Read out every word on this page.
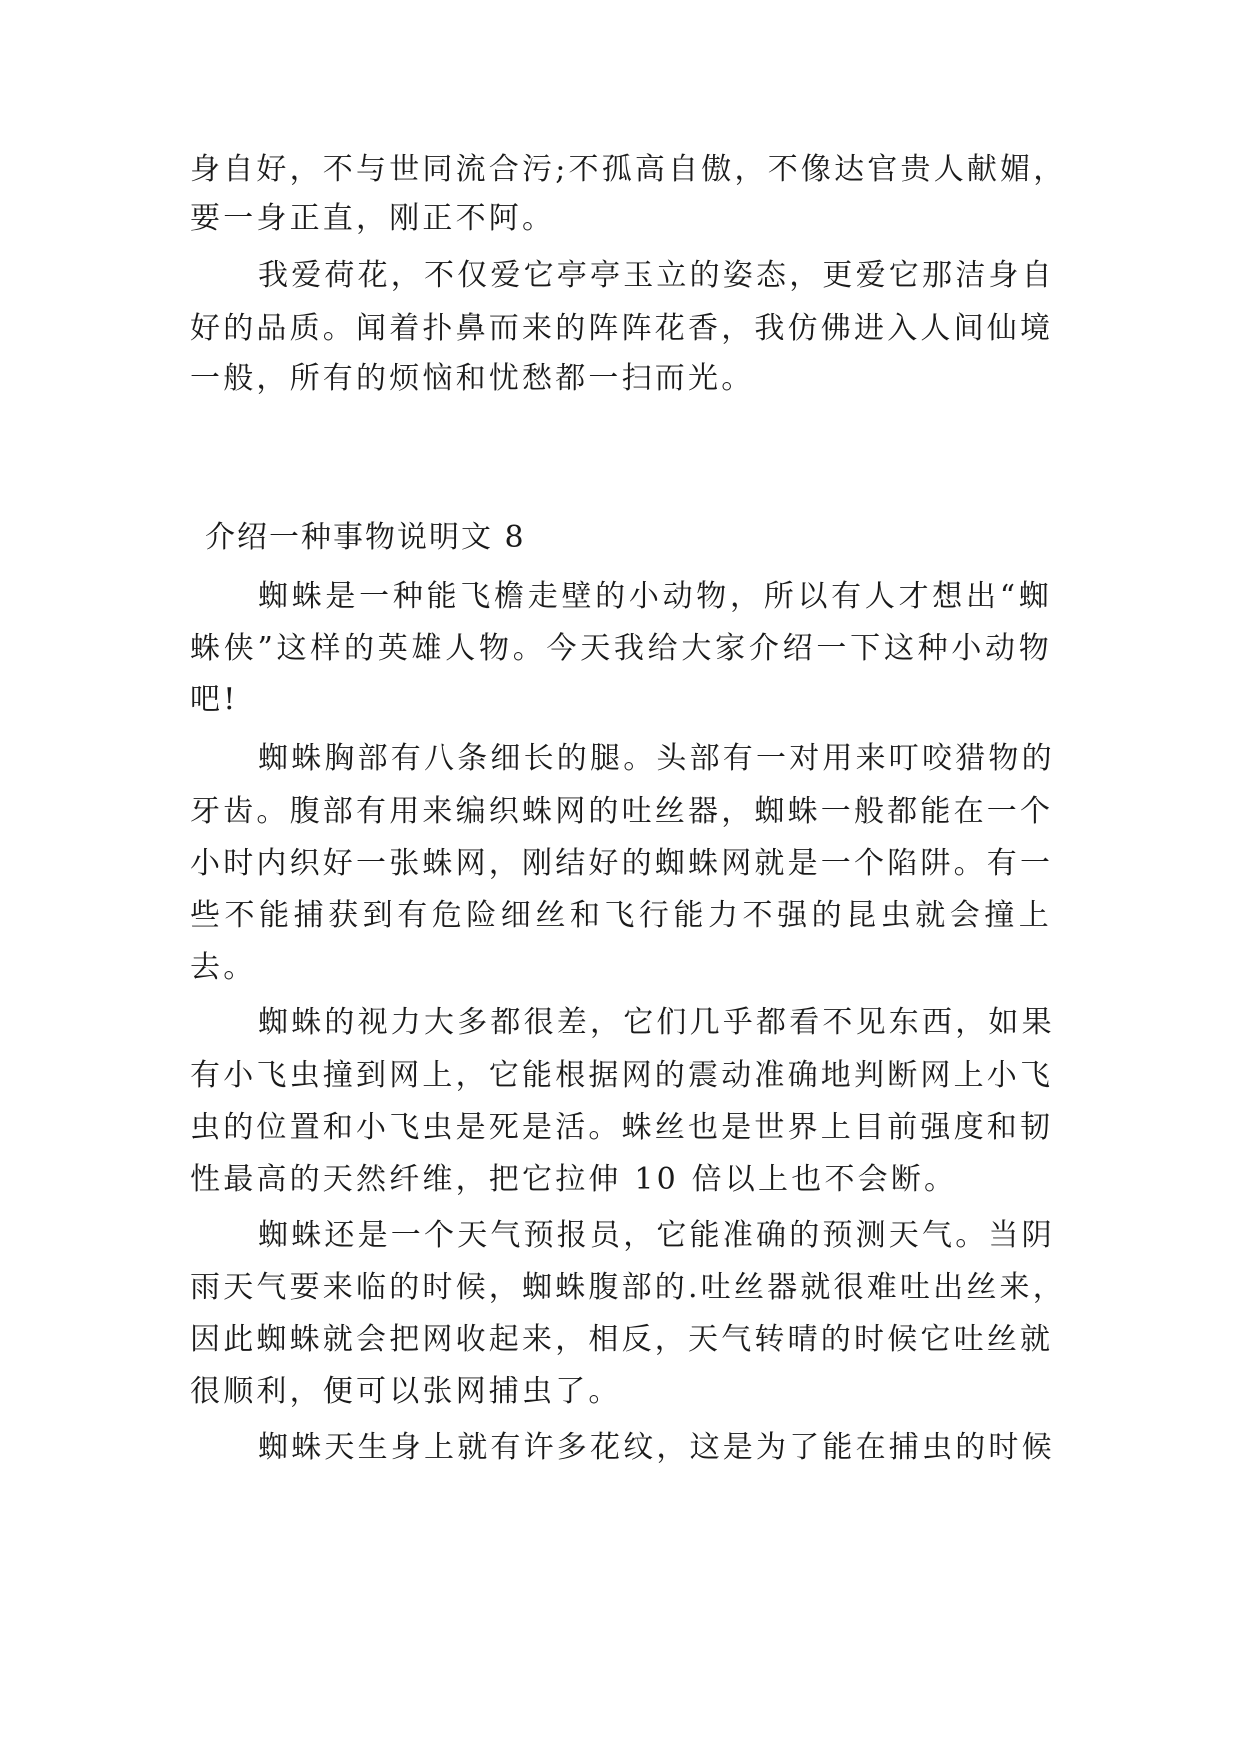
身自好，不与世同流合污;不孤高自傲，不像达官贵人献媚，
要一身正直，刚正不阿。
我爱荷花，不仅爱它亭亭玉立的姿态，更爱它那洁身自
好的品质。闻着扑鼻而来的阵阵花香，我仿佛进入人间仙境
一般，所有的烦恼和忧愁都一扫而光。
介绍一种事物说明文 8
蜘蛛是一种能飞檐走壁的小动物，所以有人才想出“蜘
蛛侠”这样的英雄人物。今天我给大家介绍一下这种小动物
吧!
蜘蛛胸部有八条细长的腿。头部有一对用来叮咬猎物的
牙齿。腹部有用来编织蛛网的吐丝器，蜘蛛一般都能在一个
小时内织好一张蛛网，刚结好的蜘蛛网就是一个陷阱。有一
些不能捕获到有危险细丝和飞行能力不强的昆虫就会撞上
去。
蜘蛛的视力大多都很差，它们几乎都看不见东西，如果
有小飞虫撞到网上，它能根据网的震动准确地判断网上小飞
虫的位置和小飞虫是死是活。蛛丝也是世界上目前强度和韧
性最高的天然纤维，把它拉伸 10 倍以上也不会断。
蜘蛛还是一个天气预报员，它能准确的预测天气。当阴
雨天气要来临的时候，蜘蛛腹部的.吐丝器就很难吐出丝来，
因此蜘蛛就会把网收起来，相反，天气转晴的时候它吐丝就
很顺利，便可以张网捕虫了。
蜘蛛天生身上就有许多花纹，这是为了能在捕虫的时候
